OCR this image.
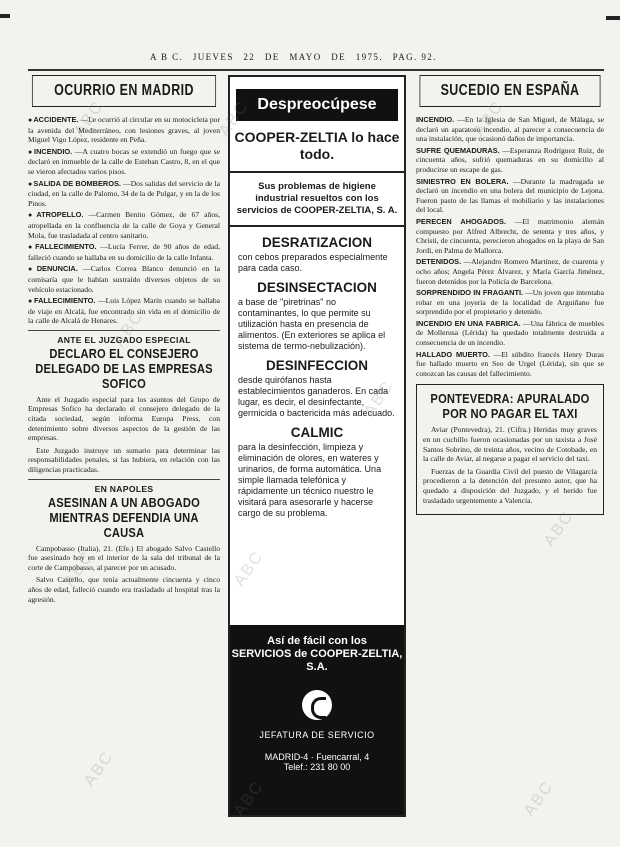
A B C. JUEVES 22 DE MAYO DE 1975. PAG. 92.
OCURRIO EN MADRID
●ACCIDENTE. —Le ocurrió al circular en su motocicleta por la avenida del Mediterráneo, con lesiones graves, al joven Miguel Vigo López, residente en Peña.
●INCENDIO. —A cuatro bocas se extendió un fuego que se declaró en inmueble de la calle de Esteban Castro, 8, en el que se vieron afectados varios pisos.
●SALIDA DE BOMBEROS. —Dos salidas del servicio de la ciudad, en la calle de Palomo, 34 de la de Pulgar, y en la de los Pinos.
●ATROPELLO. —Carmen Benito Gómez, de 67 años, atropellada en la confluencia de la calle de Goya y General Mola, fue trasladada al centro sanitario.
●FALLECIMIENTO. —Lucía Ferrer, de 90 años de edad, falleció cuando se hallaba en su domicilio de la calle Infanta.
●DENUNCIA. —Carlos Correa Blanco denunció en la comisaría que le habían sustraído diversos objetos de su vehículo estacionado.
●FALLECIMIENTO. —Luis López Marín cuando se hallaba de viaje en Alcalá, fue encontrado sin vida en el domicilio de la calle de Alcalá de Henares.
ANTE EL JUZGADO ESPECIAL
DECLARO EL CONSEJERO DELEGADO DE LAS EMPRESAS SOFICO
Ante el Juzgado especial para los asuntos del Grupo de Empresas Sofico ha declarado el consejero delegado de la citada sociedad, según informa Europa Press, con detenimiento sobre diversos aspectos de la gestión de las empresas.
Este Juzgado instruye un sumario para determinar las responsabilidades penales, si las hubiera, en relación con las diligencias practicadas.
EN NAPOLES
ASESINAN A UN ABOGADO MIENTRAS DEFENDIA UNA CAUSA
Campobasso (Italia), 21. (Efe.) El abogado Salvo Castello fue asesinado hoy en el interior de la sala del tribunal de la corte de Campobasso, al parecer por un acusado.
Salvo Castello, que tenía actualmente cincuenta y cinco años de edad, falleció cuando era trasladado al hospital tras la agresión.
Despreocúpese
COOPER-ZELTIA lo hace todo.
Sus problemas de higiene industrial resueltos con los servicios de COOPER-ZELTIA, S. A.
DESRATIZACION
con cebos preparados especialmente para cada caso.
DESINSECTACION
a base de "piretrinas" no contaminantes, lo que permite su utilización hasta en presencia de alimentos. (En exteriores se aplica el sistema de termo-nebulización).
DESINFECCION
desde quirófanos hasta establecimientos ganaderos. En cada lugar, es decir, el desinfectante, germicida o bactericida más adecuado.
CALMIC
para la desinfección, limpieza y eliminación de olores, en wateres y urinarios, de forma automática. Una simple llamada telefónica y rápidamente un técnico nuestro le visitará para asesorarle y hacerse cargo de su problema.
Así de fácil con los
SERVICIOS de COOPER-ZELTIA, S.A.
JEFATURA DE SERVICIO
MADRID-4 · Fuencarral, 4
Telef.: 231 80 00
SUCEDIO EN ESPAÑA
INCENDIO. —En la Iglesia de San Miguel, de Málaga, se declaró un aparatoso incendio, al parecer a consecuencia de una instalación, que ocasionó daños de importancia.
SUFRE QUEMADURAS. —Esperanza Rodríguez Ruiz, de cincuenta años, sufrió quemaduras en su domicilio al producirse un escape de gas.
SINIESTRO EN BOLERA. —Durante la madrugada se declaró un incendio en una bolera del municipio de Lejona. Fueron pasto de las llamas el mobiliario y las instalaciones del local.
PERECEN AHOGADOS. —El matrimonio alemán compuesto por Alfred Albrecht, de setenta y tres años, y Christi, de cincuenta, perecieron ahogados en la playa de San Jordi, en Palma de Mallorca.
DETENIDOS. —Alejandro Romero Martínez, de cuarenta y ocho años; Angela Pérez Álvarez, y María García Jiménez, fueron detenidos por la Policía de Barcelona.
SORPRENDIDO IN FRAGANTI. —Un joven que intentaba robar en una joyería de la localidad de Arguiñano fue sorprendido por el propietario y detenido.
INCENDIO EN UNA FABRICA. —Una fábrica de muebles de Mollerusa (Lérida) ha quedado totalmente destruida a consecuencia de un incendio.
HALLADO MUERTO. —El súbdito francés Henry Duras fue hallado muerto en Seo de Urgel (Lérida), sin que se conozcan las causas del fallecimiento.
PONTEVEDRA: APURALADO POR NO PAGAR EL TAXI
Aviar (Pontevedra), 21. (Cifra.) Heridas muy graves en un cuchillo fueron ocasionadas por un taxista a José Santos Sobrino, de treinta años, vecino de Cotobade, en la calle de Aviar, al negarse a pagar el servicio del taxi.
Fuerzas de la Guardia Civil del puesto de Vilagarcía procedieron a la detención del presunto autor, que ha quedado a disposición del Juzgado, y el herido fue trasladado urgentemente a Valencia.
ABC	ABC	ABC
ABC
ABC
ABC	ABC
ABC
ABC
ABC	ABC
